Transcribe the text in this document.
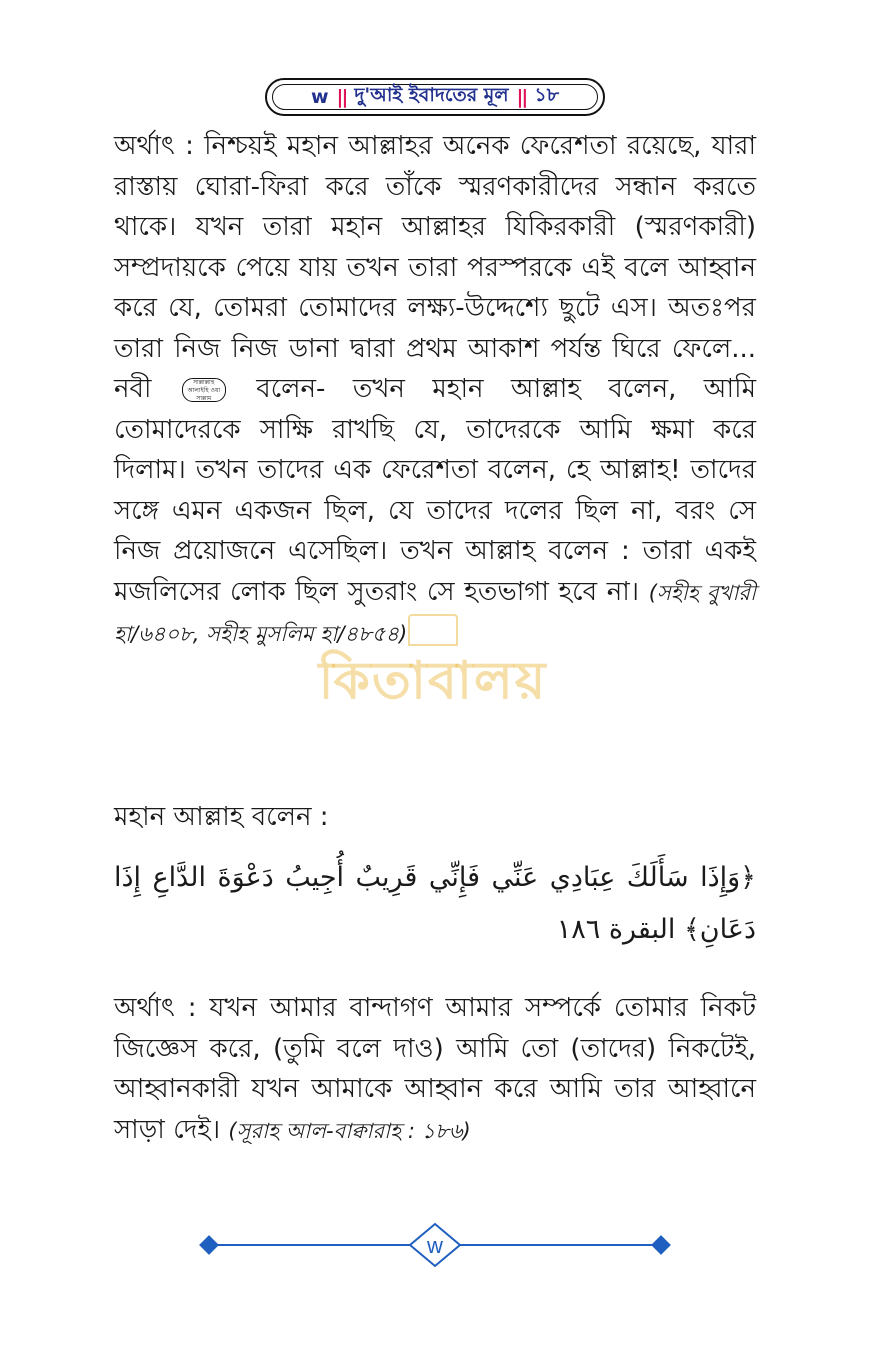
w || দু'আই ইবাদতের মূল || ১৮
অর্থাৎ : নিশ্চয়ই মহান আল্লাহর অনেক ফেরেশতা রয়েছে, যারা রাস্তায় ঘোরা-ফিরা করে তাঁকে স্মরণকারীদের সন্ধান করতে থাকে। যখন তারা মহান আল্লাহর যিকিরকারী (স্মরণকারী) সম্প্রদায়কে পেয়ে যায় তখন তারা পরস্পরকে এই বলে আহ্বান করে যে, তোমরা তোমাদের লক্ষ্য-উদ্দেশ্যে ছুটে এস। অতঃপর তারা নিজ নিজ ডানা দ্বারা প্রথম আকাশ পর্যন্ত ঘিরে ফেলে... নবী	সাল্লাল্লাহু আলাইহি ওয়া সাল্লাম বলেন- তখন মহান আল্লাহ বলেন, আমি তোমাদেরকে সাক্ষি রাখছি যে, তাদেরকে আমি ক্ষমা করে দিলাম। তখন তাদের এক ফেরেশতা বলেন, হে আল্লাহ! তাদের সঙ্গে এমন একজন ছিল, যে তাদের দলের ছিল না, বরং সে নিজ প্রয়োজনে এসেছিল। তখন আল্লাহ বলেন : তারা একই মজলিসের লোক ছিল সুতরাং সে হতভাগা হবে না। (সহীহ বুখারী হা/৬৪০৮, সহীহ মুসলিম হা/৪৮৫৪)
মহান আল্লাহ বলেন :
﴿وَإِذَا سَأَلَكَ عِبَادِي عَنِّي فَإِنِّي قَرِيبٌ أُجِيبُ دَعْوَةَ الدَّاعِ إِذَا دَعَانِ﴾ البقرة ١٨٦
অর্থাৎ : যখন আমার বান্দাগণ আমার সম্পর্কে তোমার নিকট জিজ্ঞেস করে, (তুমি বলে দাও) আমি তো (তাদের) নিকটেই, আহ্বানকারী যখন আমাকে আহ্বান করে আমি তার আহ্বানে সাড়া দেই। (সূরাহ আল-বাক্বারাহ : ১৮৬)
কিতাবালয়
w
